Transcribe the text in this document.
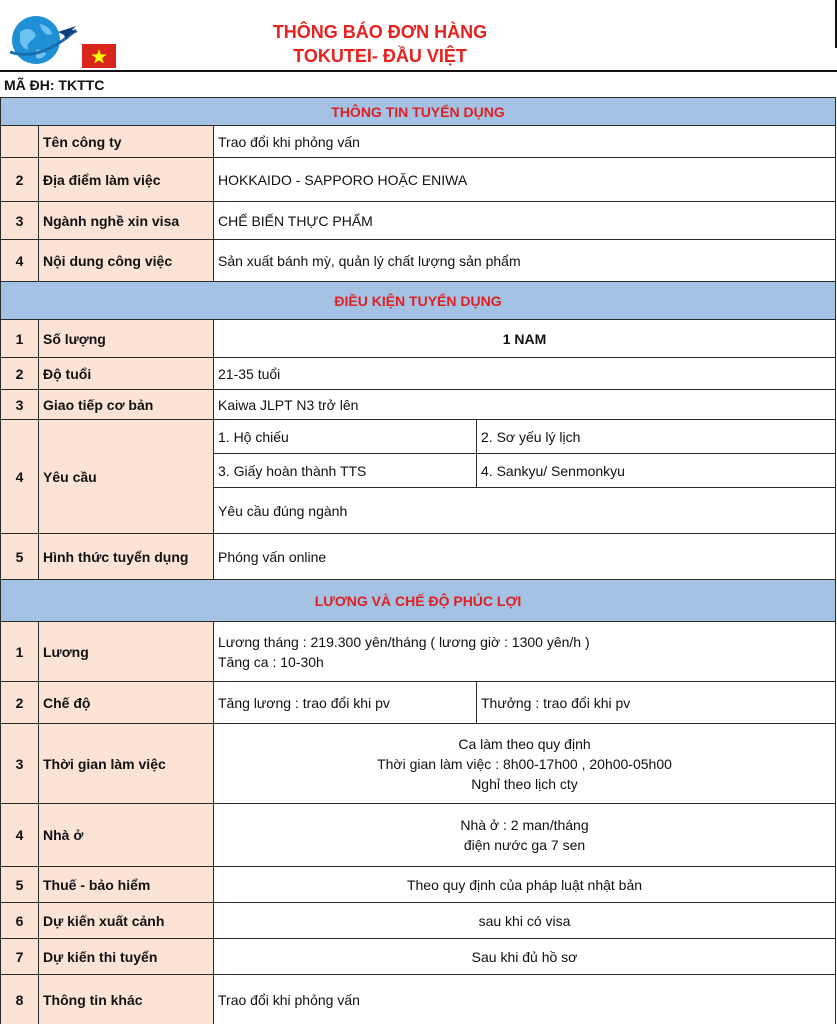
THÔNG BÁO ĐƠN HÀNG
TOKUTEI- ĐẦU VIỆT
MÃ ĐH: TKTTC
THÔNG TIN TUYỂN DỤNG			
	Tên công ty	Trao đổi khi phỏng vấn	
2	Địa điểm làm việc	HOKKAIDO - SAPPORO HOẶC ENIWA	
3	Ngành nghề xin visa	CHẾ BIẾN THỰC PHẨM	
4	Nội dung công việc	Sản xuất bánh mỳ, quản lý chất lượng sản phẩm	
ĐIỀU KIỆN TUYỂN DỤNG			
1	Số lượng	1 NAM	
2	Độ tuổi	21-35 tuổi	
3	Giao tiếp cơ bản	Kaiwa JLPT N3 trở lên	
4	Yêu cầu	1. Hộ chiếu	2. Sơ yếu lý lịch
		3. Giấy hoàn thành TTS	4. Sankyu/ Senmonkyu
		Yêu cầu đúng ngành	
5	Hình thức tuyển dụng	Phóng vấn online	
LƯƠNG VÀ CHẾ ĐỘ PHÚC LỢI			
1	Lương	Lương tháng : 219.300 yên/tháng ( lương giờ : 1300 yên/h )
Tăng ca : 10-30h	

2	Chế độ	Tăng lương : trao đổi khi pv	Thưởng : trao đổi khi pv
3	Thời gian làm việc	Ca làm theo quy định
Thời gian làm việc : 8h00-17h00 , 20h00-05h00
Nghỉ theo lịch cty	

4	Nhà ở	Nhà ở : 2 man/tháng
điện nước ga 7 sen	

5	Thuế - bảo hiểm	Theo quy định của pháp luật nhật bản	
6	Dự kiến xuất cảnh	sau khi có visa	
7	Dự kiến thi tuyển	Sau khi đủ hồ sơ	
8	Thông tin khác	Trao đổi khi phỏng vấn	
